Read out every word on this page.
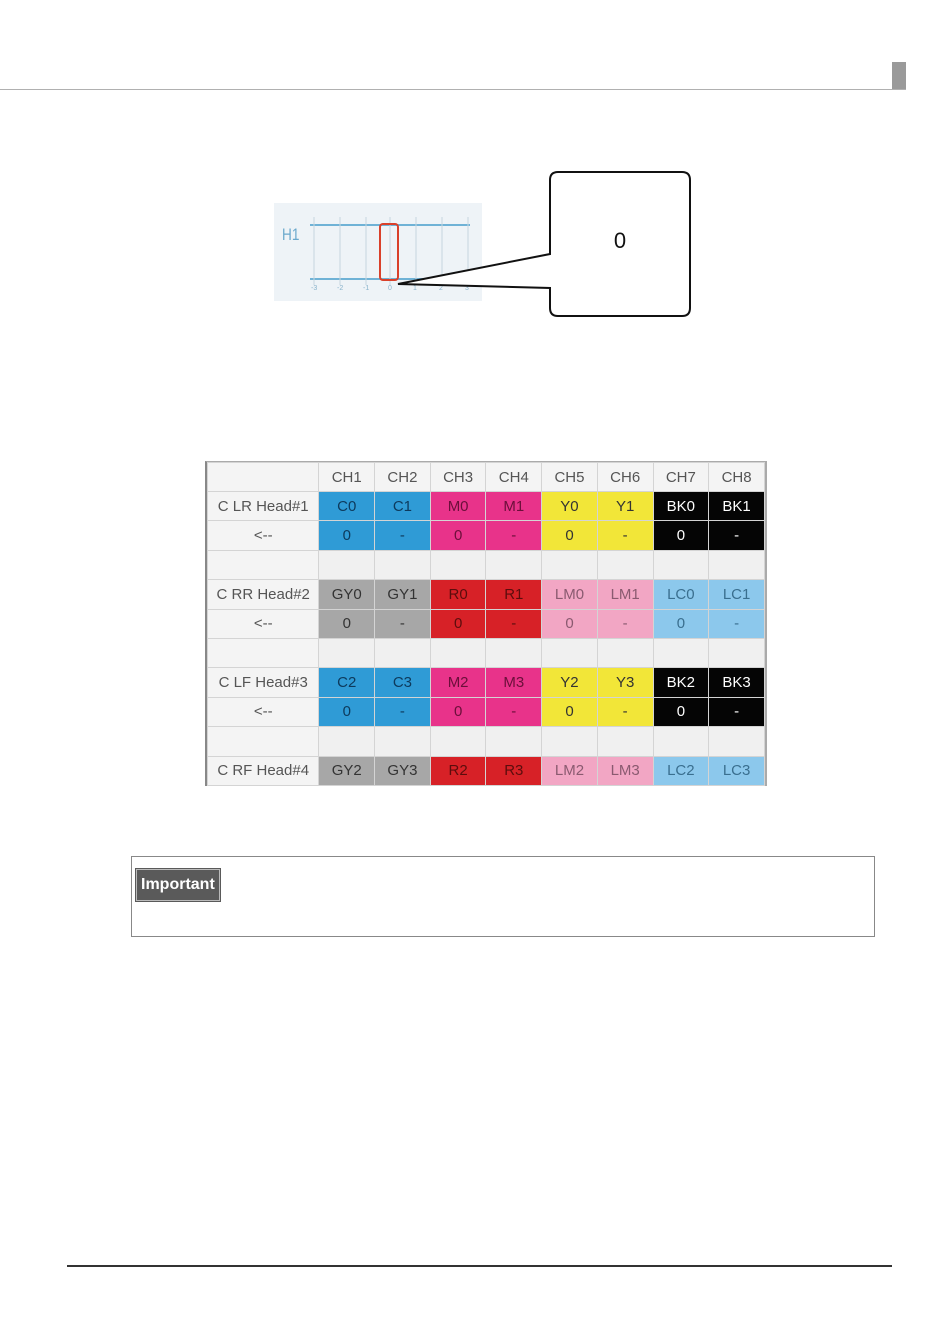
H1
-3	-2	-1	0	1	2	3
0
	CH1	CH2	CH3	CH4	CH5	CH6	CH7	CH8
C LR Head#1	C0	C1	M0	M1	Y0	Y1	BK0	BK1
<--	0	-	0	-	0	-	0	-

C RR Head#2	GY0	GY1	R0	R1	LM0	LM1	LC0	LC1
<--	0	-	0	-	0	-	0	-

C LF Head#3	C2	C3	M2	M3	Y2	Y3	BK2	BK3
<--	0	-	0	-	0	-	0	-

C RF Head#4	GY2	GY3	R2	R3	LM2	LM3	LC2	LC3
Important
